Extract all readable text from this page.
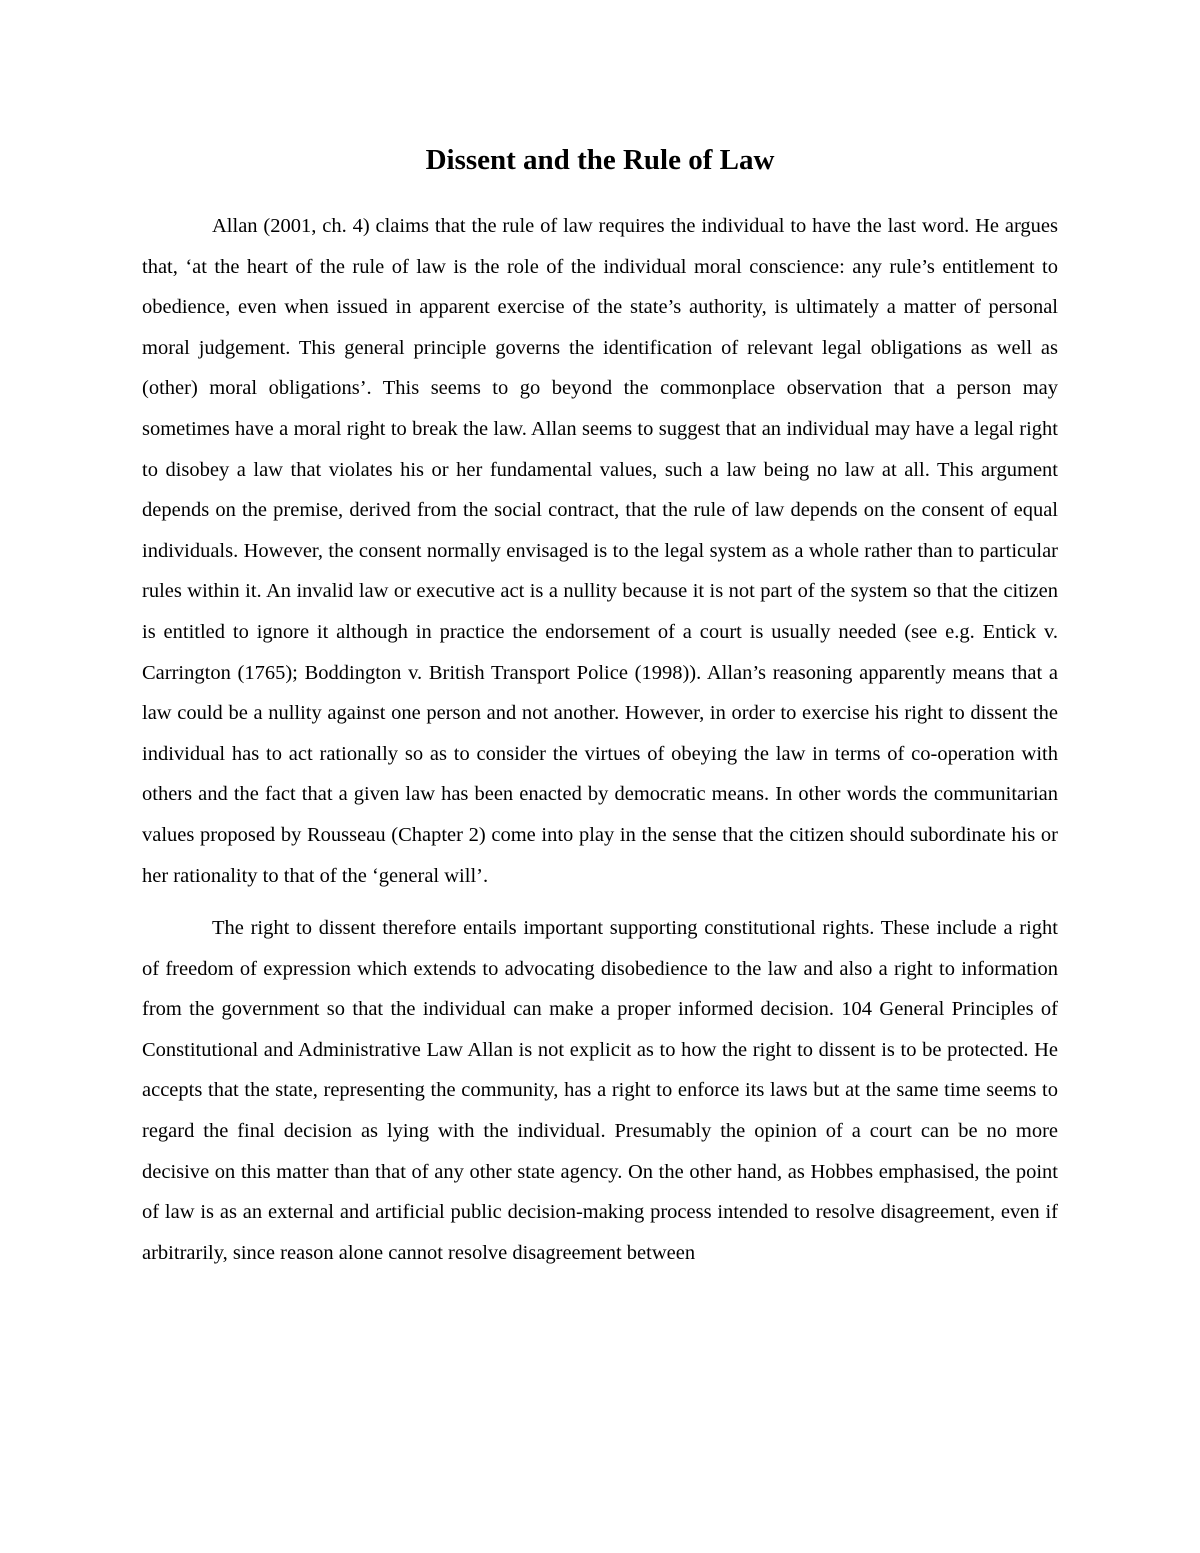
Dissent and the Rule of Law

Allan (2001, ch. 4) claims that the rule of law requires the individual to have the last word. He argues that, ‘at the heart of the rule of law is the role of the individual moral conscience: any rule’s entitlement to obedience, even when issued in apparent exercise of the state’s authority, is ultimately a matter of personal moral judgement. This general principle governs the identification of relevant legal obligations as well as (other) moral obligations’. This seems to go beyond the commonplace observation that a person may sometimes have a moral right to break the law. Allan seems to suggest that an individual may have a legal right to disobey a law that violates his or her fundamental values, such a law being no law at all. This argument depends on the premise, derived from the social contract, that the rule of law depends on the consent of equal individuals. However, the consent normally envisaged is to the legal system as a whole rather than to particular rules within it. An invalid law or executive act is a nullity because it is not part of the system so that the citizen is entitled to ignore it although in practice the endorsement of a court is usually needed (see e.g. Entick v. Carrington (1765); Boddington v. British Transport Police (1998)). Allan’s reasoning apparently means that a law could be a nullity against one person and not another. However, in order to exercise his right to dissent the individual has to act rationally so as to consider the virtues of obeying the law in terms of co-operation with others and the fact that a given law has been enacted by democratic means. In other words the communitarian values proposed by Rousseau (Chapter 2) come into play in the sense that the citizen should subordinate his or her rationality to that of the ‘general will’.

The right to dissent therefore entails important supporting constitutional rights. These include a right of freedom of expression which extends to advocating disobedience to the law and also a right to information from the government so that the individual can make a proper informed decision. 104 General Principles of Constitutional and Administrative Law Allan is not explicit as to how the right to dissent is to be protected. He accepts that the state, representing the community, has a right to enforce its laws but at the same time seems to regard the final decision as lying with the individual. Presumably the opinion of a court can be no more decisive on this matter than that of any other state agency. On the other hand, as Hobbes emphasised, the point of law is as an external and artificial public decision-making process intended to resolve disagreement, even if arbitrarily, since reason alone cannot resolve disagreement between
